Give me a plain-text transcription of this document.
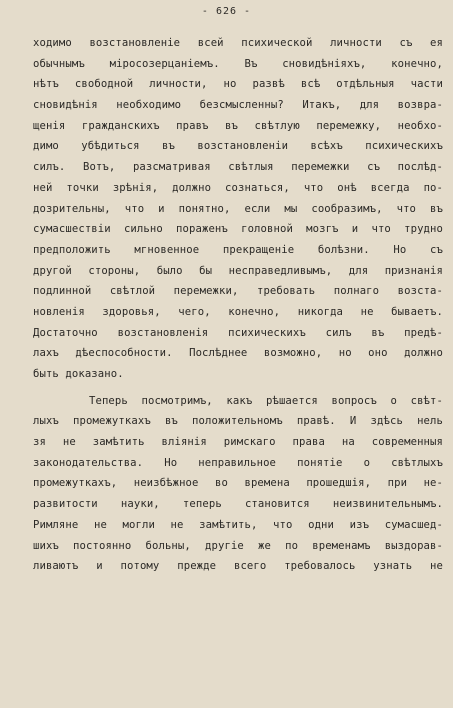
- 626 -
ходимо возстановленіе всей психической личности съ ея
обычнымъ міросозерцаніемъ. Въ сновидѣніяхъ, конечно,
нѣтъ свободной личности, но развѣ всѣ отдѣльныя части
сновидѣнія необходимо безсмысленны? Итакъ, для возвра-
щенія гражданскихъ правъ въ свѣтлую перемежку, необхо-
димо убѣдиться въ возстановленіи всѣхъ психическихъ
силъ. Вотъ, разсматривая свѣтлыя перемежки съ послѣд-
ней точки зрѣнія, должно сознаться, что онѣ всегда по-
дозрительны, что и понятно, если мы сообразимъ, что въ
сумасшествіи сильно пораженъ головной мозгъ и что трудно
предположить мгновенное прекращеніе болѣзни. Но съ
другой стороны, было бы несправедливымъ, для признанія
подлинной свѣтлой перемежки, требовать полнаго возста-
новленія здоровья, чего, конечно, никогда не бываетъ.
Достаточно возстановленія психическихъ силъ въ предѣ-
лахъ дѣеспособности. Послѣднее возможно, но оно должно
быть доказано.
Теперь посмотримъ, какъ рѣшается вопросъ о свѣт-
лыхъ промежуткахъ въ положительномъ правѣ. И здѣсь нель
зя не замѣтить вліянія римскаго права на современныя
законодательства. Но неправильное понятіе о свѣтлыхъ
промежуткахъ, неизбѣжное во времена прошедшія, при не-
развитости науки, теперь становится неизвинительнымъ.
Римляне не могли не замѣтить, что одни изъ сумасшед-
шихъ постоянно больны, другіе же по временамъ выздорав-
ливаютъ и потому прежде всего требовалось узнать не
